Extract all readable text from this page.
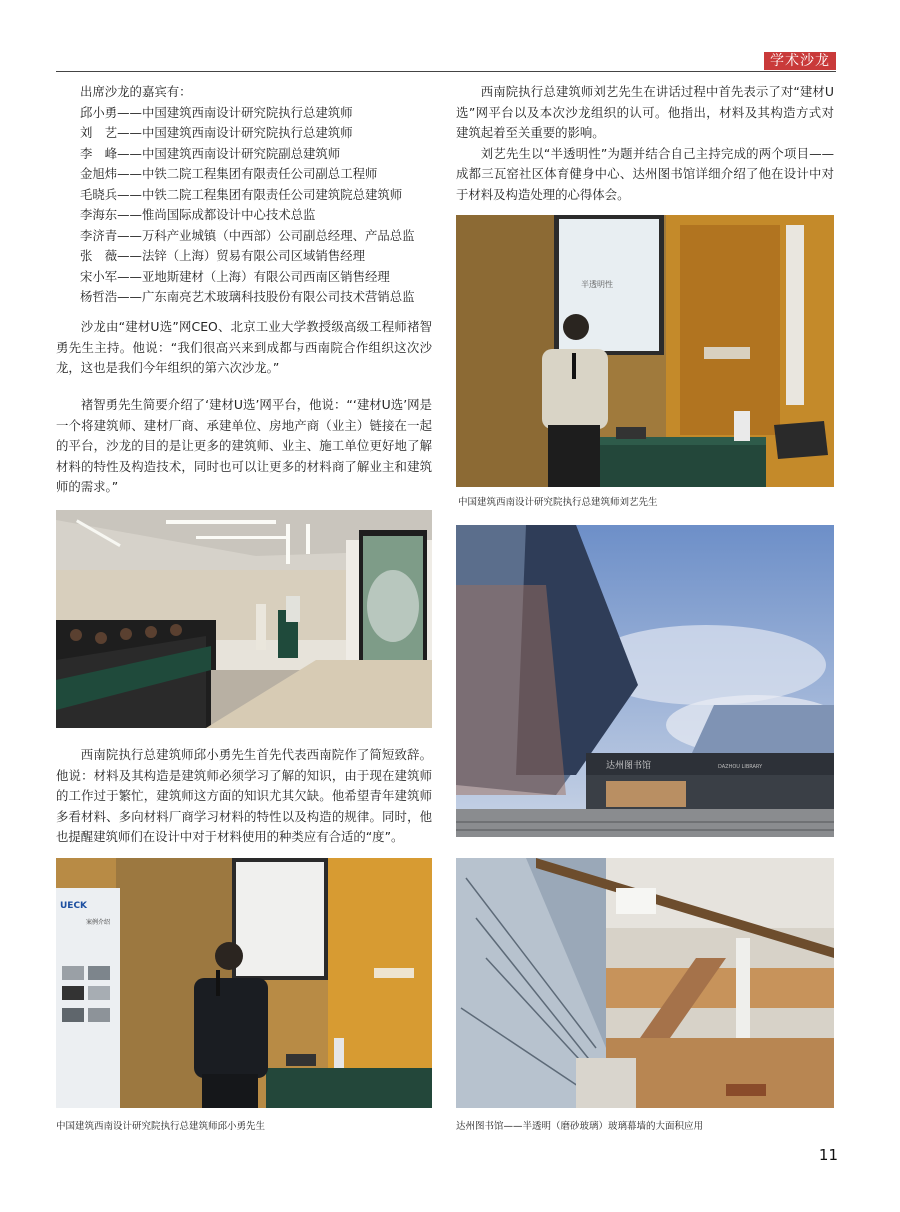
学术沙龙
出席沙龙的嘉宾有：
邱小勇——中国建筑西南设计研究院执行总建筑师
刘　艺——中国建筑西南设计研究院执行总建筑师
李　峰——中国建筑西南设计研究院副总建筑师
金旭炜——中铁二院工程集团有限责任公司副总工程师
毛晓兵——中铁二院工程集团有限责任公司建筑院总建筑师
李海东——惟尚国际成都设计中心技术总监
李济青——万科产业城镇（中西部）公司副总经理、产品总监
张　薇——法锌（上海）贸易有限公司区域销售经理
宋小军——亚地斯建材（上海）有限公司西南区销售经理
杨哲浩——广东南亮艺术玻璃科技股份有限公司技术营销总监

沙龙由“建材U选”网CEO、北京工业大学教授级高级工程师褚智勇先生主持。他说：“我们很高兴来到成都与西南院合作组织这次沙龙，这也是我们今年组织的第六次沙龙。”

褚智勇先生简要介绍了‘建材U选’网平台，他说：“‘建材U选’网是一个将建筑师、建材厂商、承建单位、房地产商（业主）链接在一起的平台，沙龙的目的是让更多的建筑师、业主、施工单位更好地了解材料的特性及构造技术，同时也可以让更多的材料商了解业主和建筑师的需求。”

西南院执行总建筑师邱小勇先生首先代表西南院作了简短致辞。他说：材料及其构造是建筑师必须学习了解的知识，由于现在建筑师的工作过于繁忙，建筑师这方面的知识尤其欠缺。他希望青年建筑师多看材料、多向材料厂商学习材料的特性以及构造的规律。同时，他也提醒建筑师们在设计中对于材料使用的种类应有合适的“度”。

西南院执行总建筑师刘艺先生在讲话过程中首先表示了对“建材U选”网平台以及本次沙龙组织的认可。他指出，材料及其构造方式对建筑起着至关重要的影响。

刘艺先生以“半透明性”为题并结合自己主持完成的两个项目——成都三瓦窑社区体育健身中心、达州图书馆详细介绍了他在设计中对于材料及构造处理的心得体会。

半透明性
中国建筑西南设计研究院执行总建筑师刘艺先生
UECK
案例介绍
中国建筑西南设计研究院执行总建筑师邱小勇先生
达州图书馆	DAZHOU LIBRARY
达州图书馆——半透明（磨砂玻璃）玻璃幕墙的大面积应用
11
